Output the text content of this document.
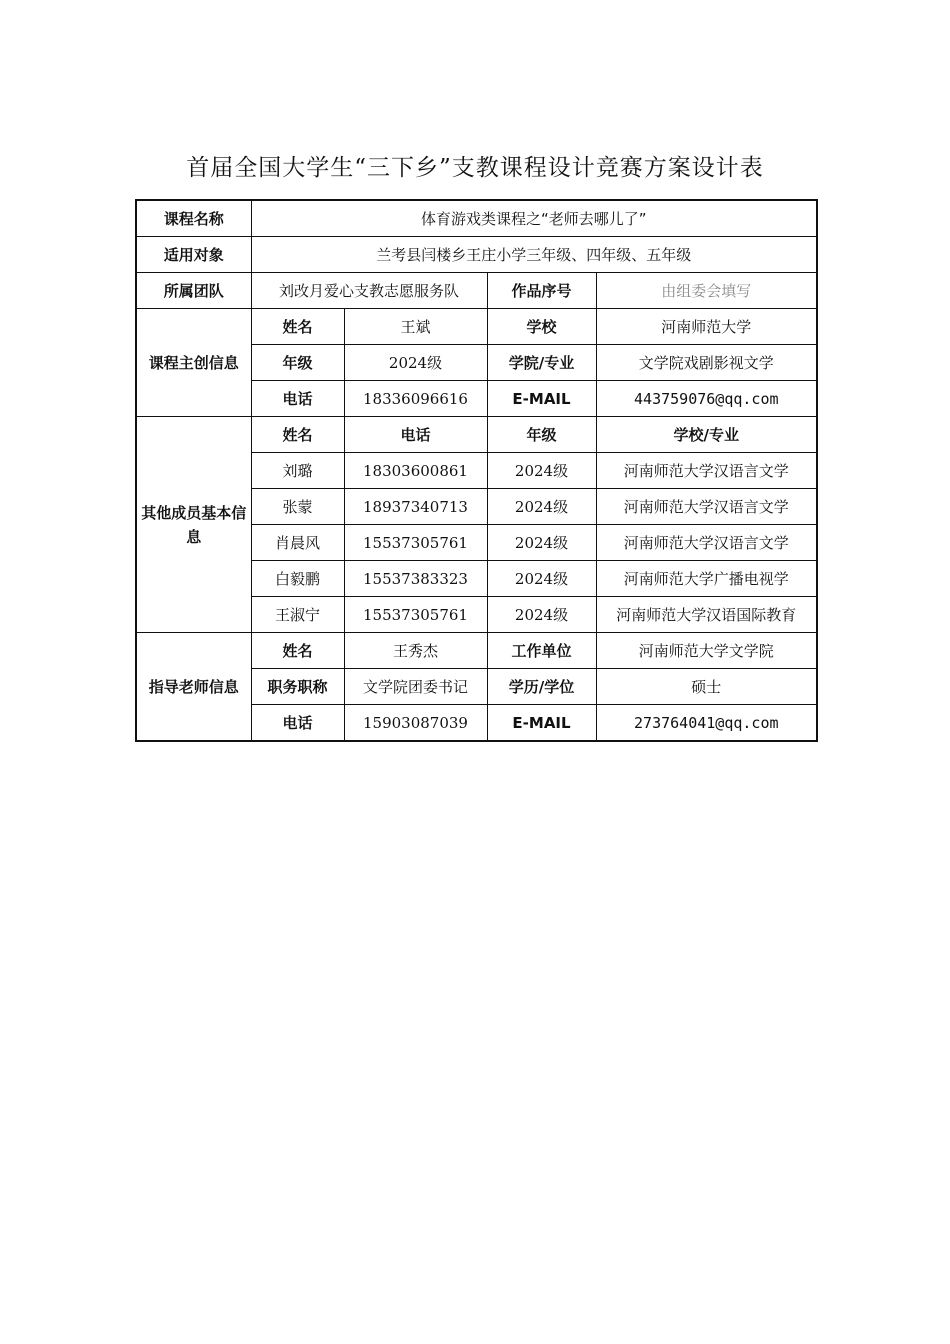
首届全国大学生“三下乡”支教课程设计竞赛方案设计表
课程名称	体育游戏类课程之“老师去哪儿了”			
适用对象	兰考县闫楼乡王庄小学三年级、四年级、五年级			
所属团队	刘改月爱心支教志愿服务队		作品序号	由组委会填写
课程主创信息	姓名	王斌	学校	河南师范大学
	年级	2024级	学院/专业	文学院戏剧影视文学
	电话	18336096616	E-MAIL	443759076@qq.com
其他成员基本信息	姓名	电话	年级	学校/专业
	刘璐	18303600861	2024级	河南师范大学汉语言文学
	张蒙	18937340713	2024级	河南师范大学汉语言文学
	肖晨风	15537305761	2024级	河南师范大学汉语言文学
	白毅鹏	15537383323	2024级	河南师范大学广播电视学
	王淑宁	15537305761	2024级	河南师范大学汉语国际教育
指导老师信息	姓名	王秀杰	工作单位	河南师范大学文学院
	职务职称	文学院团委书记	学历/学位	硕士
	电话	15903087039	E-MAIL	273764041@qq.com
